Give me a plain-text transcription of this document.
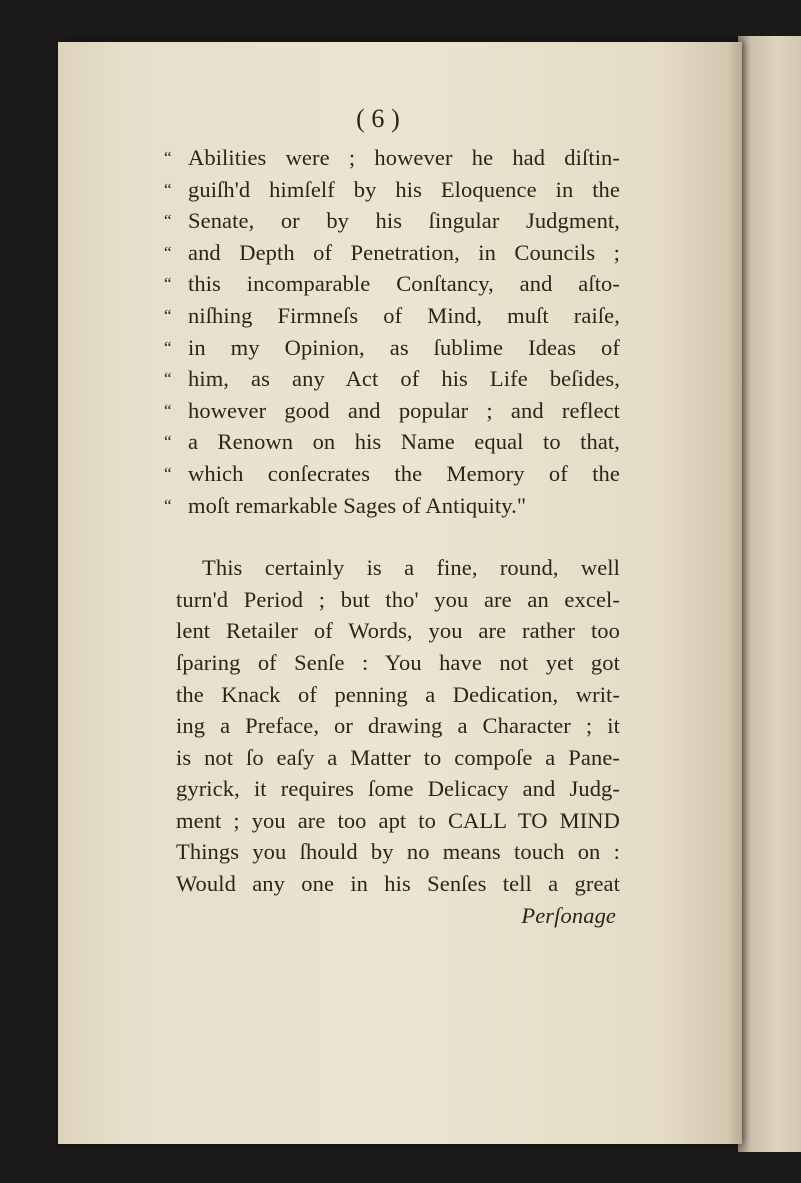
( 6 )
“ Abilities were ; however he had diſtin-
“ guiſh'd himſelf by his Eloquence in the
“ Senate, or by his ſingular Judgment,
“ and Depth of Penetration, in Councils ;
“ this incomparable Conſtancy, and aſto-
“ niſhing Firmneſs of Mind, muſt raiſe,
“ in my Opinion, as ſublime Ideas of
“ him, as any Act of his Life beſides,
“ however good and popular ; and reflect
“ a Renown on his Name equal to that,
“ which conſecrates the Memory of the
“ moſt remarkable Sages of Antiquity."
This certainly is a fine, round, well
turn'd Period ; but tho' you are an excel-
lent Retailer of Words, you are rather too
ſparing of Senſe : You have not yet got
the Knack of penning a Dedication, writ-
ing a Preface, or drawing a Character ; it
is not ſo eaſy a Matter to compoſe a Pane-
gyrick, it requires ſome Delicacy and Judg-
ment ; you are too apt to CALL TO MIND
Things you ſhould by no means touch on :
Would any one in his Senſes tell a great
Perſonage
